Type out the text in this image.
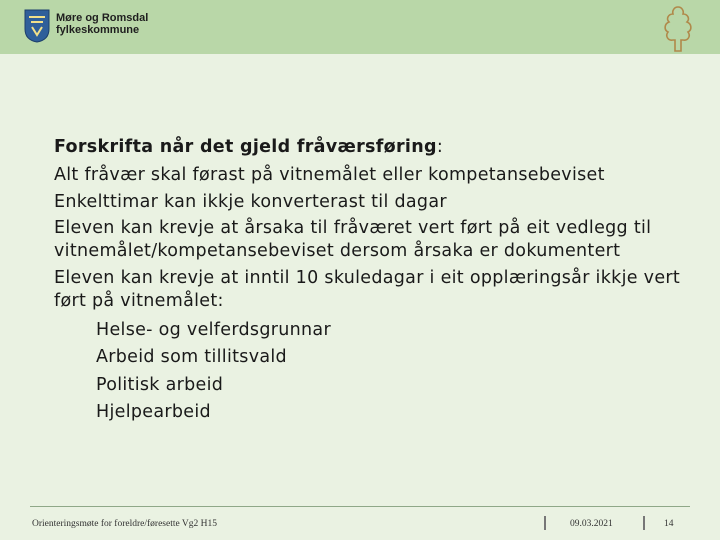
Møre og Romsdal
fylkeskommune

Forskrifta når det gjeld fråværsføring:

Alt fråvær skal førast på vitnemålet eller kompetansebeviset

Enkelttimar kan ikkje konverterast til dagar

Eleven kan krevje at årsaka til fråværet vert ført på eit vedlegg til vitnemålet/kompetansebeviset dersom årsaka er dokumentert

Eleven kan krevje at inntil 10 skuledagar i eit opplæringsår ikkje vert ført på vitnemålet:

Helse- og velferdsgrunnar

Arbeid som tillitsvald

Politisk arbeid

Hjelpearbeid

Orienteringsmøte for foreldre/føresette Vg2 H15	09.03.2021	14
